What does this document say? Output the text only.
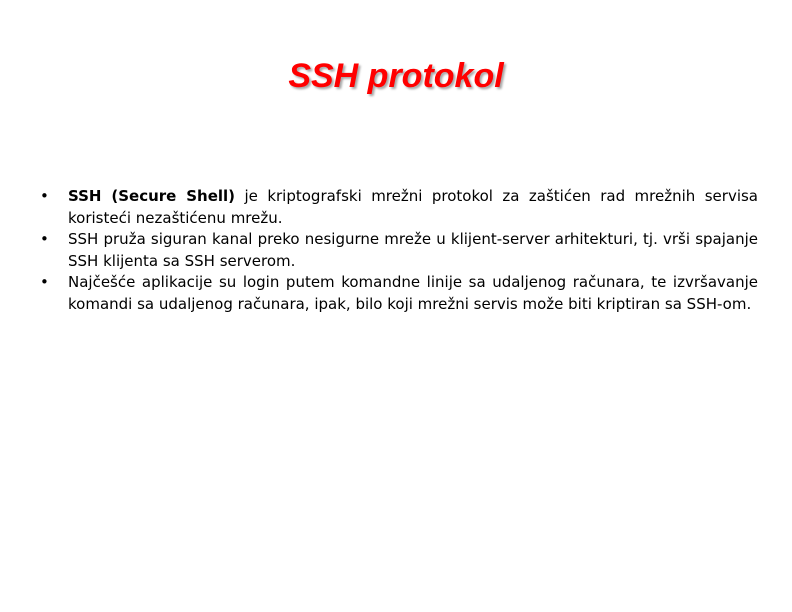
SSH protokol
•	SSH (Secure Shell) je kriptografski mrežni protokol za zaštićen rad mrežnih servisa koristeći nezaštićenu mrežu.
•	SSH pruža siguran kanal preko nesigurne mreže u klijent-server arhitekturi, tj. vrši spajanje SSH klijenta sa SSH serverom.
•	Najčešće aplikacije su login putem komandne linije sa udaljenog računara, te izvršavanje komandi sa udaljenog računara, ipak, bilo koji mrežni servis može biti kriptiran sa SSH-om.
